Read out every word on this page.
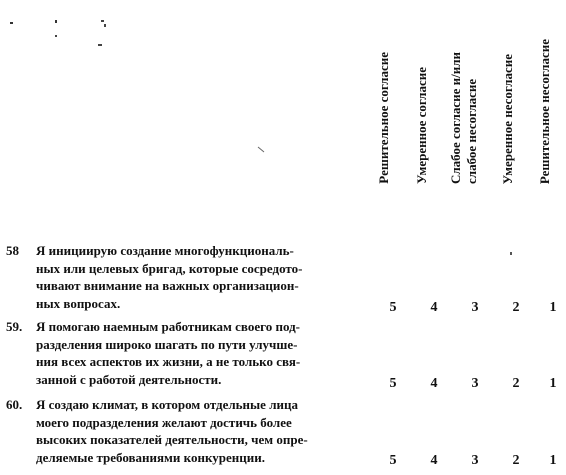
Решительное согласие Умеренное согласие Слабое согласие и/или слабое несогласие Умеренное несогласие Решительное несогласие
58	Я инициирую создание многофункциональ-
ных или целевых бригад, которые сосредото-
чивают внимание на важных организацион-
ных вопросах.	5	4	3	2	1
59.	Я помогаю наемным работникам своего под-
разделения широко шагать по пути улучше-
ния всех аспектов их жизни, а не только свя-
занной с работой деятельности.	5	4	3	2	1
60.	Я создаю климат, в котором отдельные лица
моего подразделения желают достичь более
высоких показателей деятельности, чем опре-
деляемые требованиями конкуренции.	5	4	3	2	1
